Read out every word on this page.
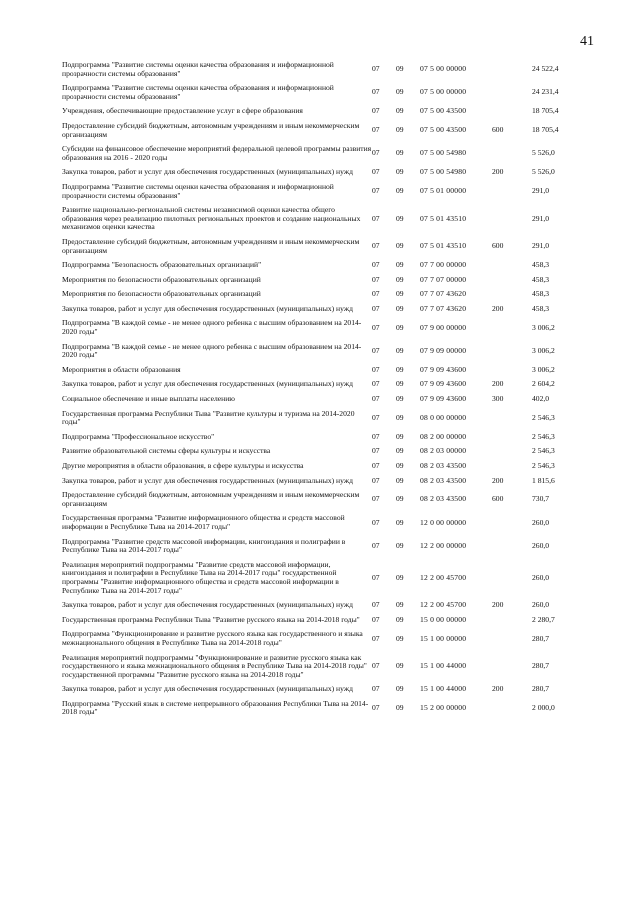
41
Подпрограмма "Развитие системы оценки качества образования и информационной прозрачности системы образования"	07	09	07 5 00 00000		24 522,4
Подпрограмма "Развитие системы оценки качества образования и информационной прозрачности системы образования"	07	09	07 5 00 00000		24 231,4
Учреждения, обеспечивающие предоставление услуг в сфере образования	07	09	07 5 00 43500		18 705,4
Предоставление субсидий бюджетным, автономным учреждениям и иным некоммерческим организациям	07	09	07 5 00 43500	600	18 705,4
Субсидии на финансовое обеспечение мероприятий федеральной целевой программы развития образования на 2016 - 2020 годы	07	09	07 5 00 54980		5 526,0
Закупка товаров, работ и услуг для обеспечения государственных (муниципальных) нужд	07	09	07 5 00 54980	200	5 526,0
Подпрограмма "Развитие системы оценки качества образования и информационной прозрачности системы образования"	07	09	07 5 01 00000		291,0
Развитие национально-региональной системы независимой оценки качества общего образования через реализацию пилотных региональных проектов и создание национальных механизмов оценки качества	07	09	07 5 01 43510		291,0
Предоставление субсидий бюджетным, автономным учреждениям и иным некоммерческим организациям	07	09	07 5 01 43510	600	291,0
Подпрограмма "Безопасность образовательных организаций"	07	09	07 7 00 00000		458,3
Мероприятия по безопасности образовательных организаций	07	09	07 7 07 00000		458,3
Мероприятия по безопасности образовательных организаций	07	09	07 7 07 43620		458,3
Закупка товаров, работ и услуг для обеспечения государственных (муниципальных) нужд	07	09	07 7 07 43620	200	458,3
Подпрограмма "В каждой семье - не менее одного ребенка с высшим образованием на 2014-2020 годы"	07	09	07 9 00 00000		3 006,2
Подпрограмма "В каждой семье - не менее одного ребенка с высшим образованием на 2014-2020 годы"	07	09	07 9 09 00000		3 006,2
Мероприятия в области образования	07	09	07 9 09 43600		3 006,2
Закупка товаров, работ и услуг для обеспечения государственных (муниципальных) нужд	07	09	07 9 09 43600	200	2 604,2
Социальное обеспечение и иные выплаты населению	07	09	07 9 09 43600	300	402,0
Государственная программа Республики Тыва "Развитие культуры и туризма на 2014-2020 годы"	07	09	08 0 00 00000		2 546,3
Подпрограмма "Профессиональное искусство"	07	09	08 2 00 00000		2 546,3
Развитие образовательной системы сферы культуры и искусства	07	09	08 2 03 00000		2 546,3
Другие мероприятия в области образования, в сфере культуры и искусства	07	09	08 2 03 43500		2 546,3
Закупка товаров, работ и услуг для обеспечения государственных (муниципальных) нужд	07	09	08 2 03 43500	200	1 815,6
Предоставление субсидий бюджетным, автономным учреждениям и иным некоммерческим организациям	07	09	08 2 03 43500	600	730,7
Государственная программа "Развитие информационного общества и средств массовой информации в Республике Тыва на 2014-2017 годы"	07	09	12 0 00 00000		260,0
Подпрограмма "Развитие средств массовой информации, книгоиздания и полиграфии в Республике Тыва на 2014-2017 годы"	07	09	12 2 00 00000		260,0
Реализация мероприятий подпрограммы "Развитие средств массовой информации, книгоиздания и полиграфии в Республике Тыва на 2014-2017 годы" государственной программы "Развитие информационного общества и средств массовой информации в Республике Тыва на 2014-2017 годы"	07	09	12 2 00 45700		260,0
Закупка товаров, работ и услуг для обеспечения государственных (муниципальных) нужд	07	09	12 2 00 45700	200	260,0
Государственная программа Республики Тыва "Развитие русского языка на 2014-2018 годы"	07	09	15 0 00 00000		2 280,7
Подпрограмма "Функционирование и развитие русского языка как государственного и языка межнационального общения в Республике Тыва на 2014-2018 годы"	07	09	15 1 00 00000		280,7
Реализация мероприятий подпрограммы "Функционирование и развитие русского языка как государственного и языка межнационального общения в Республике Тыва на 2014-2018 годы" государственной программы "Развитие русского языка на 2014-2018 годы"	07	09	15 1 00 44000		280,7
Закупка товаров, работ и услуг для обеспечения государственных (муниципальных) нужд	07	09	15 1 00 44000	200	280,7
Подпрограмма "Русский язык в системе непрерывного образования Республики Тыва на 2014-2018 годы"	07	09	15 2 00 00000		2 000,0
